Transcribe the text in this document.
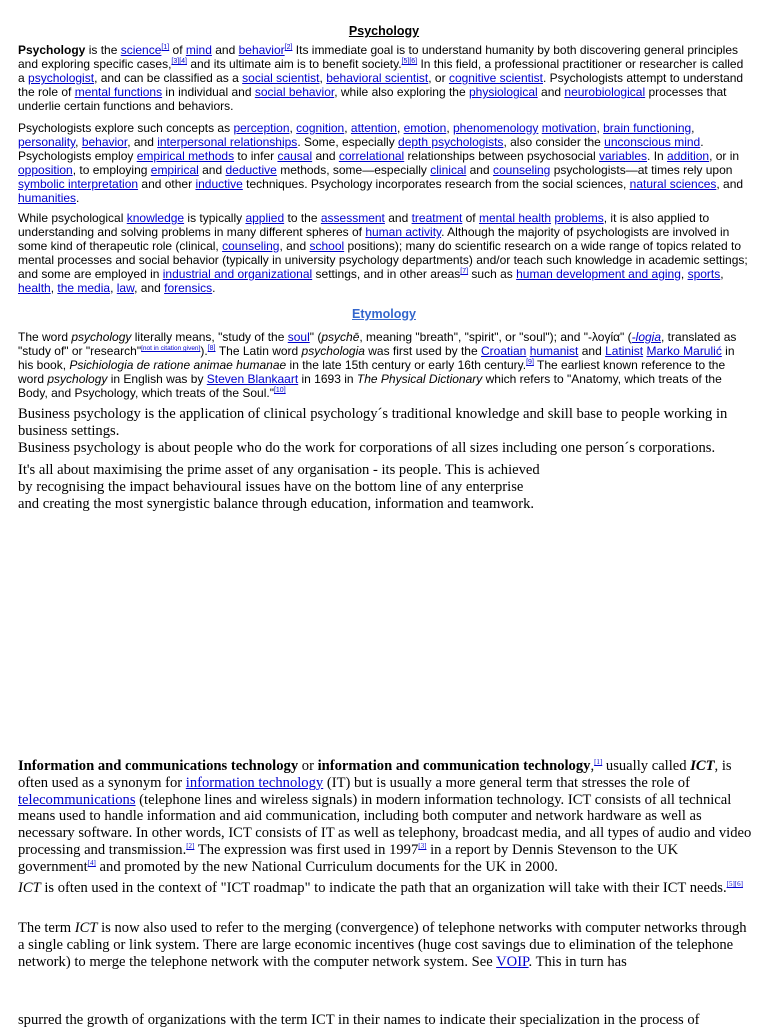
Psychology

Psychology is the science[1] of mind and behavior[2] Its immediate goal is to understand humanity by both discovering general principles and exploring specific cases,[3][4] and its ultimate aim is to benefit society.[5][6] In this field, a professional practitioner or researcher is called a psychologist, and can be classified as a social scientist, behavioral scientist, or cognitive scientist. Psychologists attempt to understand the role of mental functions in individual and social behavior, while also exploring the physiological and neurobiological processes that underlie certain functions and behaviors.

Psychologists explore such concepts as perception, cognition, attention, emotion, phenomenology motivation, brain functioning, personality, behavior, and interpersonal relationships. Some, especially depth psychologists, also consider the unconscious mind. Psychologists employ empirical methods to infer causal and correlational relationships between psychosocial variables. In addition, or in opposition, to employing empirical and deductive methods, some—especially clinical and counseling psychologists—at times rely upon symbolic interpretation and other inductive techniques. Psychology incorporates research from the social sciences, natural sciences, and humanities.

While psychological knowledge is typically applied to the assessment and treatment of mental health problems, it is also applied to understanding and solving problems in many different spheres of human activity. Although the majority of psychologists are involved in some kind of therapeutic role (clinical, counseling, and school positions); many do scientific research on a wide range of topics related to mental processes and social behavior (typically in university psychology departments) and/or teach such knowledge in academic settings; and some are employed in industrial and organizational settings, and in other areas[7] such as human development and aging, sports, health, the media, law, and forensics.

Etymology

The word psychology literally means, "study of the soul" (psychē, meaning "breath", "spirit", or "soul"); and "-λογία" (-logia, translated as "study of" or "research"[not in citation given]).[8] The Latin word psychologia was first used by the Croatian humanist and Latinist Marko Marulić in his book, Psichiologia de ratione animae humanae in the late 15th century or early 16th century.[9] The earliest known reference to the word psychology in English was by Steven Blankaart in 1693 in The Physical Dictionary which refers to "Anatomy, which treats of the Body, and Psychology, which treats of the Soul."[10]

Business psychology is the application of clinical psychology´s traditional knowledge and skill base to people working in business settings.
Business psychology is about people who do the work for corporations of all sizes including one person´s corporations.

It's all about maximising the prime asset of any organisation - its people. This is achieved
by recognising the impact behavioural issues have on the bottom line of any enterprise
and creating the most synergistic balance through education, information and teamwork.

Information and communications technology or information and communication technology,[1] usually called ICT, is often used as a synonym for information technology (IT) but is usually a more general term that stresses the role of telecommunications (telephone lines and wireless signals) in modern information technology. ICT consists of all technical means used to handle information and aid communication, including both computer and network hardware as well as necessary software. In other words, ICT consists of IT as well as telephony, broadcast media, and all types of audio and video processing and transmission.[2] The expression was first used in 1997[3] in a report by Dennis Stevenson to the UK government[4] and promoted by the new National Curriculum documents for the UK in 2000.

ICT is often used in the context of "ICT roadmap" to indicate the path that an organization will take with their ICT needs.[5][6]

The term ICT is now also used to refer to the merging (convergence) of telephone networks with computer networks through a single cabling or link system. There are large economic incentives (huge cost savings due to elimination of the telephone network) to merge the telephone network with the computer network system. See VOIP. This in turn has

spurred the growth of organizations with the term ICT in their names to indicate their specialization in the process of
